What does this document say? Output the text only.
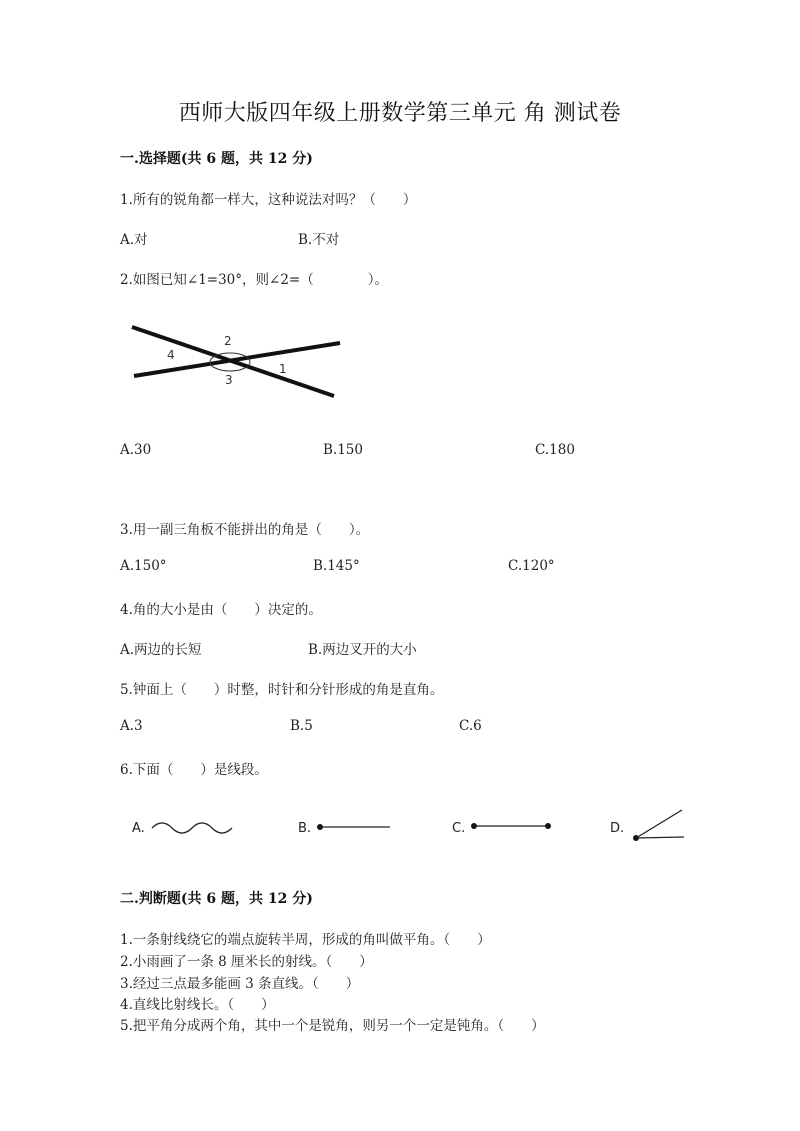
西师大版四年级上册数学第三单元 角 测试卷
一.选择题(共 6 题，共 12 分)
1.所有的锐角都一样大，这种说法对吗？（　　）
A.对	B.不对
2.如图已知∠1=30°，则∠2=（　　　　）。
1
2
3
4
A.30	B.150	C.180
3.用一副三角板不能拼出的角是（　　）。
A.150°	B.145°	C.120°
4.角的大小是由（　　）决定的。
A.两边的长短	B.两边叉开的大小
5.钟面上（　　）时整，时针和分针形成的角是直角。
A.3	B.5	C.6
6.下面（　　）是线段。
A.	B.	C.	D.
二.判断题(共 6 题，共 12 分)
1.一条射线绕它的端点旋转半周，形成的角叫做平角。（　　）
2.小雨画了一条 8 厘米长的射线。（　　）
3.经过三点最多能画 3 条直线。（　　）
4.直线比射线长。（　　）
5.把平角分成两个角，其中一个是锐角，则另一个一定是钝角。（　　）
